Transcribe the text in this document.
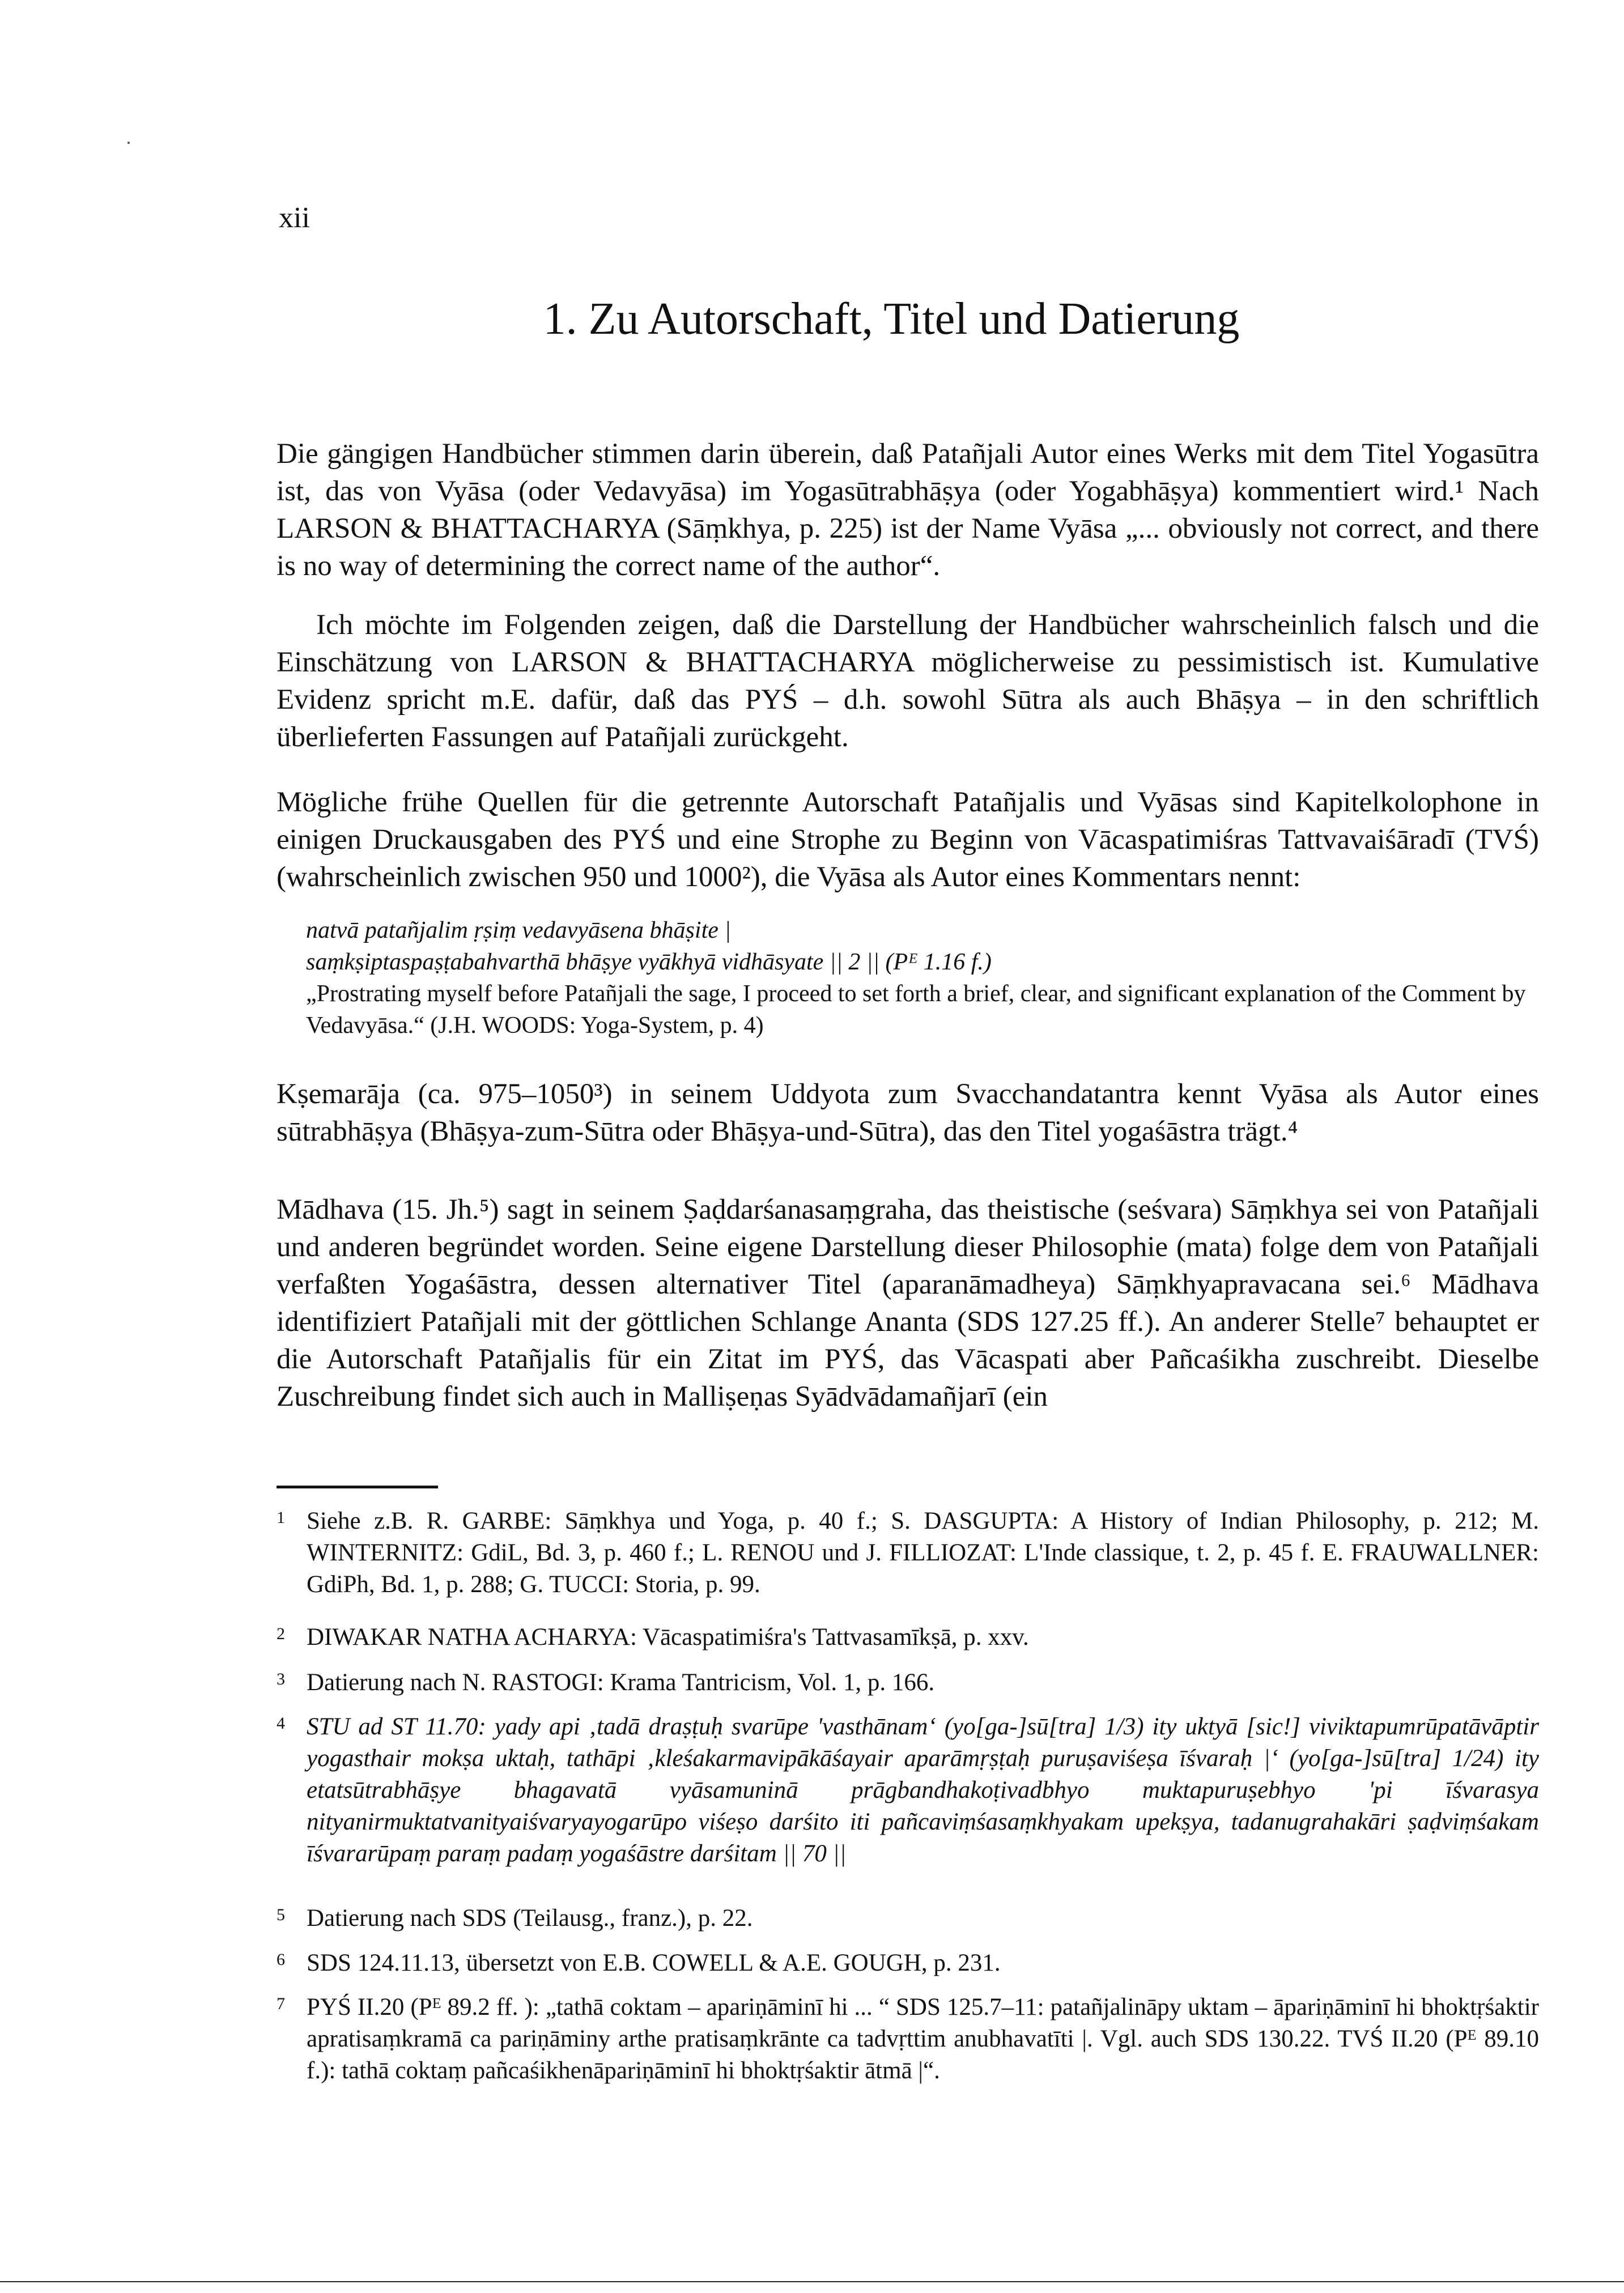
xii
1. Zu Autorschaft, Titel und Datierung

Die gängigen Handbücher stimmen darin überein, daß Patañjali Autor eines Werks mit dem Titel Yogasūtra ist, das von Vyāsa (oder Vedavyāsa) im Yogasūtrabhāṣya (oder Yogabhāṣya) kommentiert wird.¹ Nach LARSON & BHATTACHARYA (Sāṃkhya, p. 225) ist der Name Vyāsa „... obviously not correct, and there is no way of determining the correct name of the author“.

Ich möchte im Folgenden zeigen, daß die Darstellung der Handbücher wahrscheinlich falsch und die Einschätzung von LARSON & BHATTACHARYA möglicherweise zu pessimistisch ist. Kumulative Evidenz spricht m.E. dafür, daß das PYŚ – d.h. sowohl Sūtra als auch Bhāṣya – in den schriftlich überlieferten Fassungen auf Patañjali zurückgeht.

Mögliche frühe Quellen für die getrennte Autorschaft Patañjalis und Vyāsas sind Kapitelkolophone in einigen Druckausgaben des PYŚ und eine Strophe zu Beginn von Vācaspatimiśras Tattvavaiśāradī (TVŚ) (wahrscheinlich zwischen 950 und 1000²), die Vyāsa als Autor eines Kommentars nennt:

natvā patañjalim ṛṣiṃ vedavyāsena bhāṣite |
saṃkṣiptaspaṣṭabahvarthā bhāṣye vyākhyā vidhāsyate || 2 || (Pᴱ 1.16 f.)
„Prostrating myself before Patañjali the sage, I proceed to set forth a brief, clear, and significant explanation of the Comment by Vedavyāsa.“ (J.H. WOODS: Yoga-System, p. 4)

Kṣemarāja (ca. 975–1050³) in seinem Uddyota zum Svacchandatantra kennt Vyāsa als Autor eines sūtrabhāṣya (Bhāṣya-zum-Sūtra oder Bhāṣya-und-Sūtra), das den Titel yogaśāstra trägt.⁴

Mādhava (15. Jh.⁵) sagt in seinem Ṣaḍdarśanasaṃgraha, das theistische (seśvara) Sāṃkhya sei von Patañjali und anderen begründet worden. Seine eigene Darstellung dieser Philosophie (mata) folge dem von Patañjali verfaßten Yogaśāstra, dessen alternativer Titel (aparanāmadheya) Sāṃkhyapravacana sei.⁶ Mādhava identifiziert Patañjali mit der göttlichen Schlange Ananta (SDS 127.25 ff.). An anderer Stelle⁷ behauptet er die Autorschaft Patañjalis für ein Zitat im PYŚ, das Vācaspati aber Pañcaśikha zuschreibt. Dieselbe Zuschreibung findet sich auch in Malliṣeṇas Syādvādamañjarī (ein

1 Siehe z.B. R. GARBE: Sāṃkhya und Yoga, p. 40 f.; S. DASGUPTA: A History of Indian Philosophy, p. 212; M. WINTERNITZ: GdiL, Bd. 3, p. 460 f.; L. RENOU und J. FILLIOZAT: L'Inde classique, t. 2, p. 45 f. E. FRAUWALLNER: GdiPh, Bd. 1, p. 288; G. TUCCI: Storia, p. 99.
2 DIWAKAR NATHA ACHARYA: Vācaspatimiśra's Tattvasamīkṣā, p. xxv.
3 Datierung nach N. RASTOGI: Krama Tantricism, Vol. 1, p. 166.
4 STU ad ST 11.70: yady api ‚tadā draṣṭuḥ svarūpe 'vasthānam‘ (yo[ga-]sū[tra] 1/3) ity uktyā [sic!] viviktapumrūpatāvāptir yogasthair mokṣa uktaḥ, tathāpi ‚kleśakarmavipākāśayair aparāmṛṣṭaḥ puruṣaviśeṣa īśvaraḥ |‘ (yo[ga-]sū[tra] 1/24) ity etatsūtrabhāṣye bhagavatā vyāsamuninā prāgbandhakoṭivadbhyo muktapuruṣebhyo 'pi īśvarasya nityanirmuktatvanityaiśvaryayogarūpo viśeṣo darśito iti pañcaviṃśasaṃkhyakam upekṣya, tadanugrahakāri ṣaḍviṃśakam īśvararūpaṃ paraṃ padaṃ yogaśāstre darśitam || 70 ||
5 Datierung nach SDS (Teilausg., franz.), p. 22.
6 SDS 124.11.13, übersetzt von E.B. COWELL & A.E. GOUGH, p. 231.
7 PYŚ II.20 (Pᴱ 89.2 ff. ): „tathā coktam – apariṇāminī hi ... “ SDS 125.7–11: patañjalināpy uktam – āpariṇāminī hi bhoktṛśaktir apratisaṃkramā ca pariṇāminy arthe pratisaṃkrānte ca tadvṛttim anubhavatīti |. Vgl. auch SDS 130.22. TVŚ II.20 (Pᴱ 89.10 f.): tathā coktaṃ pañcaśikhenāpariṇāminī hi bhoktṛśaktir ātmā |“.
